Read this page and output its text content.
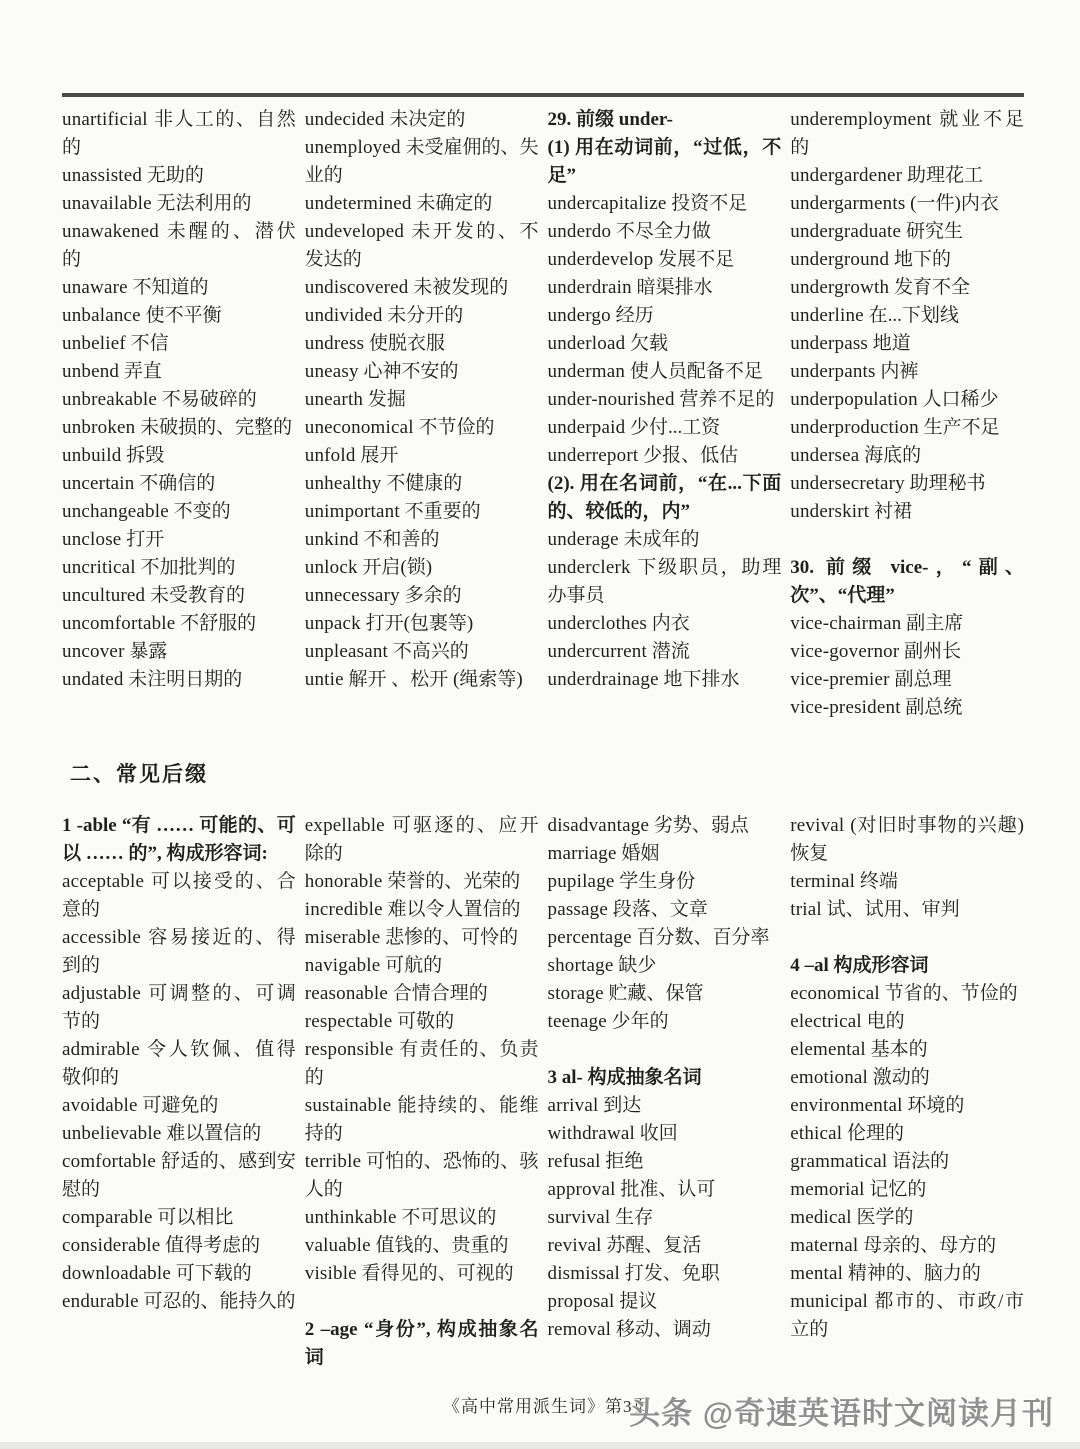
unartificial 非人工的、自然的
unassisted 无助的
unavailable 无法利用的
unawakened 未醒的、潜伏的
unaware 不知道的
unbalance 使不平衡
unbelief 不信
unbend 弄直
unbreakable 不易破碎的
unbroken 未破损的、完整的
unbuild 拆毁
uncertain 不确信的
unchangeable 不变的
unclose 打开
uncritical 不加批判的
uncultured 未受教育的
uncomfortable 不舒服的
uncover 暴露
undated 未注明日期的
undecided 未决定的
unemployed 未受雇佣的、失业的
undetermined 未确定的
undeveloped 未开发的、不发达的
undiscovered 未被发现的
undivided 未分开的
undress 使脱衣服
uneasy 心神不安的
unearth 发掘
uneconomical 不节俭的
unfold 展开
unhealthy 不健康的
unimportant 不重要的
unkind 不和善的
unlock 开启(锁)
unnecessary 多余的
unpack 打开(包裹等)
unpleasant 不高兴的
untie 解开 、松开 (绳索等)
29. 前缀 under-
(1) 用在动词前，“过低，不足”
undercapitalize 投资不足
underdo 不尽全力做
underdevelop 发展不足
underdrain 暗渠排水
undergo 经历
underload 欠载
underman 使人员配备不足
under-nourished 营养不足的
underpaid 少付...工资
underreport 少报、低估
(2). 用在名词前，“在...下面的、较低的，内”
underage 未成年的
underclerk 下级职员，助理办事员
underclothes 内衣
undercurrent 潜流
underdrainage 地下排水
underemployment 就业不足的
undergardener 助理花工
undergarments (一件)内衣
undergraduate 研究生
underground 地下的
undergrowth 发育不全
underline 在...下划线
underpass 地道
underpants 内裤
underpopulation 人口稀少
underproduction 生产不足
undersea 海底的
undersecretary 助理秘书
underskirt 衬裙
30. 前缀 vice-，“副、次”、“代理”
vice-chairman 副主席
vice-governor 副州长
vice-premier 副总理
vice-president 副总统
二、常见后缀
1 -able “有 …… 可能的、可 以 …… 的”, 构成形容词:
acceptable 可以接受的、合意的
accessible 容易接近的、得到的
adjustable 可调整的、可调节的
admirable 令人钦佩、值得敬仰的
avoidable 可避免的
unbelievable 难以置信的
comfortable 舒适的、感到安慰的
comparable 可以相比
considerable 值得考虑的
downloadable 可下载的
endurable 可忍的、能持久的
expellable 可驱逐的、应开除的
honorable 荣誉的、光荣的
incredible 难以令人置信的
miserable 悲惨的、可怜的
navigable 可航的
reasonable 合情合理的
respectable 可敬的
responsible 有责任的、负责的
sustainable 能持续的、能维持的
terrible 可怕的、恐怖的、骇人的
unthinkable 不可思议的
valuable 值钱的、贵重的
visible 看得见的、可视的
2 –age “身份”, 构成抽象名词
disadvantage 劣势、弱点
marriage 婚姻
pupilage 学生身份
passage 段落、文章
percentage 百分数、百分率
shortage 缺少
storage 贮藏、保管
teenage 少年的
3 al- 构成抽象名词
arrival 到达
withdrawal 收回
refusal 拒绝
approval 批准、认可
survival 生存
revival 苏醒、复活
dismissal 打发、免职
proposal 提议
removal 移动、调动
revival (对旧时事物的兴趣)恢复
terminal 终端
trial 试、试用、审判
4 –al 构成形容词
economical 节省的、节俭的
electrical 电的
elemental 基本的
emotional 激动的
environmental 环境的
ethical 伦理的
grammatical 语法的
memorial 记忆的
medical 医学的
maternal 母亲的、母方的
mental 精神的、脑力的
municipal 都市的、市政/市立的
《高中常用派生词》第3页
头条 @奇速英语时文阅读月刊
